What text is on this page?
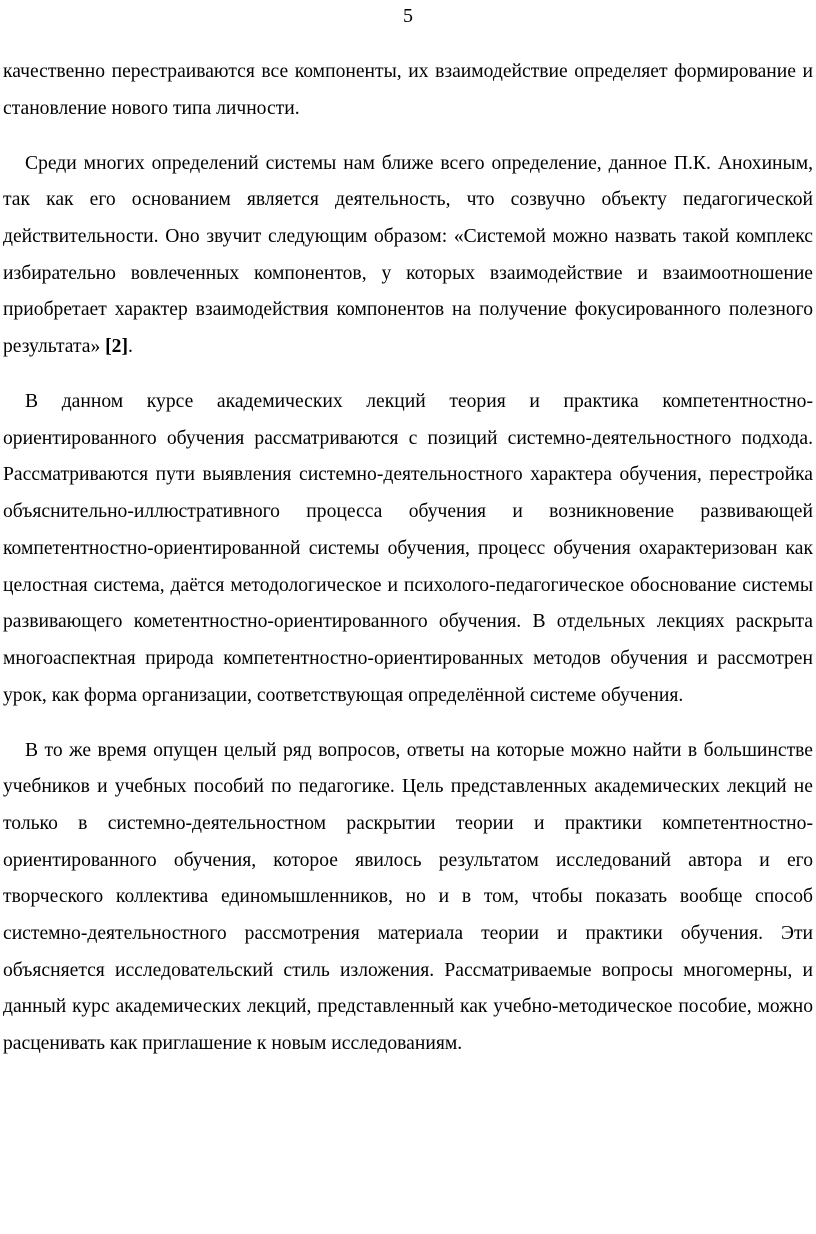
5

качественно перестраиваются все компоненты, их взаимодействие определяет формирование и становление нового типа личности.

Среди многих определений системы нам ближе всего определение, данное П.К. Анохиным, так как его основанием является деятельность, что созвучно объекту педагогической действительности. Оно звучит следующим образом: «Системой можно назвать такой комплекс избирательно вовлеченных компонентов, у которых взаимодействие и взаимоотношение приобретает характер взаимодействия компонентов на получение фокусированного полезного результата» [2].

В данном курсе академических лекций теория и практика компетентностно-ориентированного обучения рассматриваются с позиций системно-деятельностного подхода. Рассматриваются пути выявления системно-деятельностного характера обучения, перестройка объяснительно-иллюстративного процесса обучения и возникновение развивающей компетентностно-ориентированной системы обучения, процесс обучения охарактеризован как целостная система, даётся методологическое и психолого-педагогическое обоснование системы развивающего кометентностно-ориентированного обучения. В отдельных лекциях раскрыта многоаспектная природа компетентностно-ориентированных методов обучения и рассмотрен урок, как форма организации, соответствующая определённой системе обучения.

В то же время опущен целый ряд вопросов, ответы на которые можно найти в большинстве учебников и учебных пособий по педагогике. Цель представленных академических лекций не только в системно-деятельностном раскрытии теории и практики компетентностно-ориентированного обучения, которое явилось результатом исследований автора и его творческого коллектива единомышленников, но и в том, чтобы показать вообще способ системно-деятельностного рассмотрения материала теории и практики обучения. Эти объясняется исследовательский стиль изложения. Рассматриваемые вопросы многомерны, и данный курс академических лекций, представленный как учебно-методическое пособие, можно расценивать как приглашение к новым исследованиям.
